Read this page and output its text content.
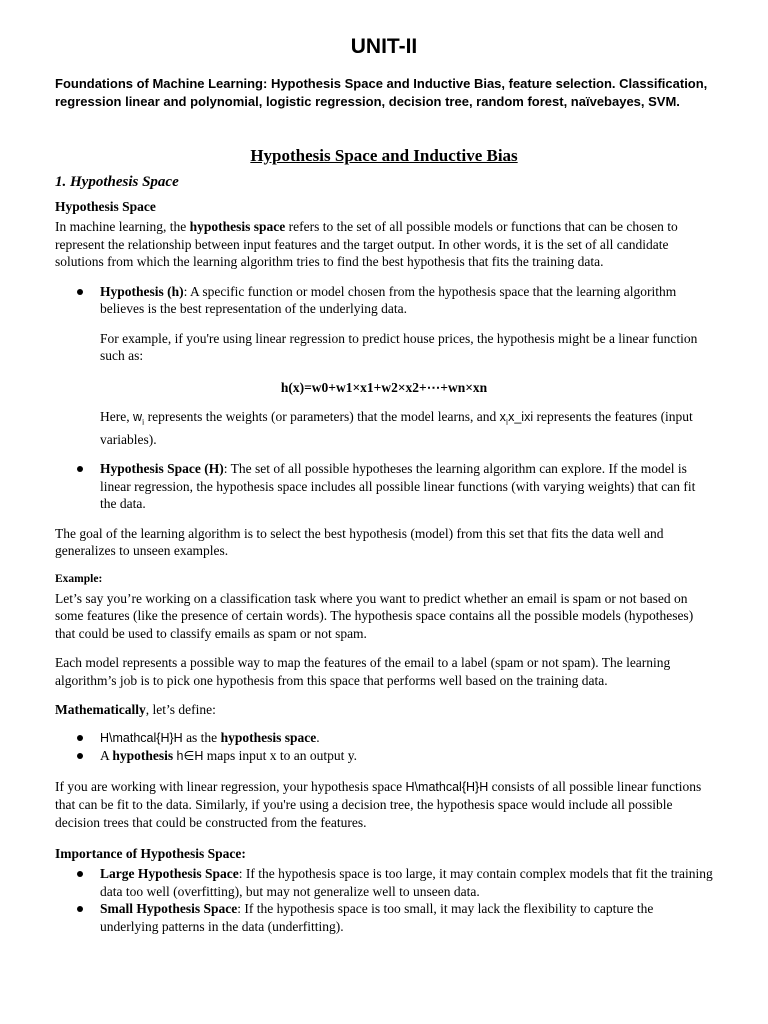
UNIT-II

Foundations of Machine Learning: Hypothesis Space and Inductive Bias, feature selection. Classification, regression linear and polynomial, logistic regression, decision tree, random forest, naïvebayes, SVM.

Hypothesis Space and Inductive Bias
1. Hypothesis Space
Hypothesis Space

In machine learning, the hypothesis space refers to the set of all possible models or functions that can be chosen to represent the relationship between input features and the target output. In other words, it is the set of all candidate solutions from which the learning algorithm tries to find the best hypothesis that fits the training data.

Hypothesis (h): A specific function or model chosen from the hypothesis space that the learning algorithm believes is the best representation of the underlying data.

For example, if you're using linear regression to predict house prices, the hypothesis might be a linear function such as:

h(x)=w0+w1×x1+w2×x2+⋯+wn×xn

Here, $w_i$ represents the weights (or parameters) that the model learns, and $x_ix\_ixi$ represents the features (input variables).

Hypothesis Space (H): The set of all possible hypotheses the learning algorithm can explore. If the model is linear regression, the hypothesis space includes all possible linear functions (with varying weights) that can fit the data.

The goal of the learning algorithm is to select the best hypothesis (model) from this set that fits the data well and generalizes to unseen examples.

Example:

Let’s say you’re working on a classification task where you want to predict whether an email is spam or not based on some features (like the presence of certain words). The hypothesis space contains all the possible models (hypotheses) that could be used to classify emails as spam or not spam.

Each model represents a possible way to map the features of the email to a label (spam or not spam). The learning algorithm’s job is to pick one hypothesis from this space that performs well based on the training data.

Mathematically, let’s define:

H\mathcal{H}H as the hypothesis space.
A hypothesis h∈H maps input x to an output y.

If you are working with linear regression, your hypothesis space H\mathcal{H}H consists of all possible linear functions that can be fit to the data. Similarly, if you're using a decision tree, the hypothesis space would include all possible decision trees that could be constructed from the features.

Importance of Hypothesis Space:
Large Hypothesis Space: If the hypothesis space is too large, it may contain complex models that fit the training data too well (overfitting), but may not generalize well to unseen data.
Small Hypothesis Space: If the hypothesis space is too small, it may lack the flexibility to capture the underlying patterns in the data (underfitting).
